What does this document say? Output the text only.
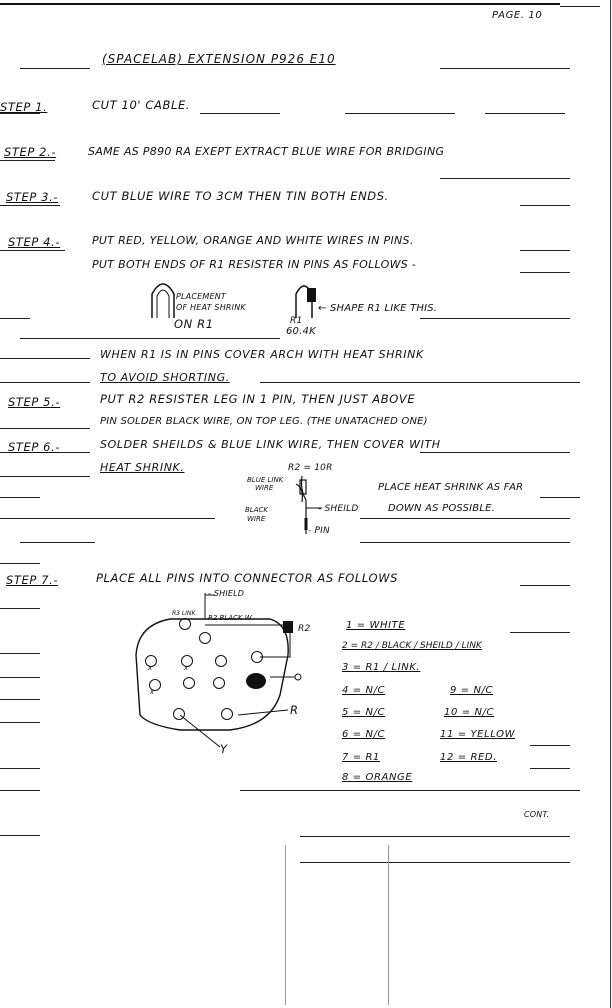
PAGE. 10
(SPACELAB) EXTENSION P926 E10
STEP 1.	CUT 10' CABLE.
STEP 2.-	SAME AS P890 RA EXEPT EXTRACT BLUE WIRE FOR BRIDGING
STEP 3.-	CUT BLUE WIRE TO 3CM THEN TIN BOTH ENDS.
STEP 4.-	PUT RED, YELLOW, ORANGE AND WHITE WIRES IN PINS.
PUT BOTH ENDS OF R1 RESISTER IN PINS AS FOLLOWS -
PLACEMENT
OF HEAT SHRINK
ON R1	R1
60.4K
← SHAPE R1 LIKE THIS.
WHEN R1 IS IN PINS COVER ARCH WITH HEAT SHRINK
TO AVOID SHORTING.
STEP 5.-	PUT R2 RESISTER LEG IN 1 PIN, THEN JUST ABOVE
PIN SOLDER BLACK WIRE, ON TOP LEG. (THE UNATACHED ONE)
STEP 6.-	SOLDER SHEILDS & BLUE LINK WIRE, THEN COVER WITH
HEAT SHRINK.	R2 = 10R
BLUE LINK
WIRE
BLACK
WIRE
- SHEILD
- PIN
PLACE HEAT SHRINK AS FAR
DOWN AS POSSIBLE.
STEP 7.-	PLACE ALL PINS INTO CONNECTOR AS FOLLOWS
- SHIELD
R3 LINK
R2 BLACK W
R2
R
Y
x	x
x
1 = WHITE
2 = R2 / BLACK / SHEILD / LINK
3 = R1 / LINK.
4 = N/C
5 = N/C
6 = N/C
7 = R1
8 = ORANGE
9 = N/C
10 = N/C
11 = YELLOW
12 = RED.
CONT.
